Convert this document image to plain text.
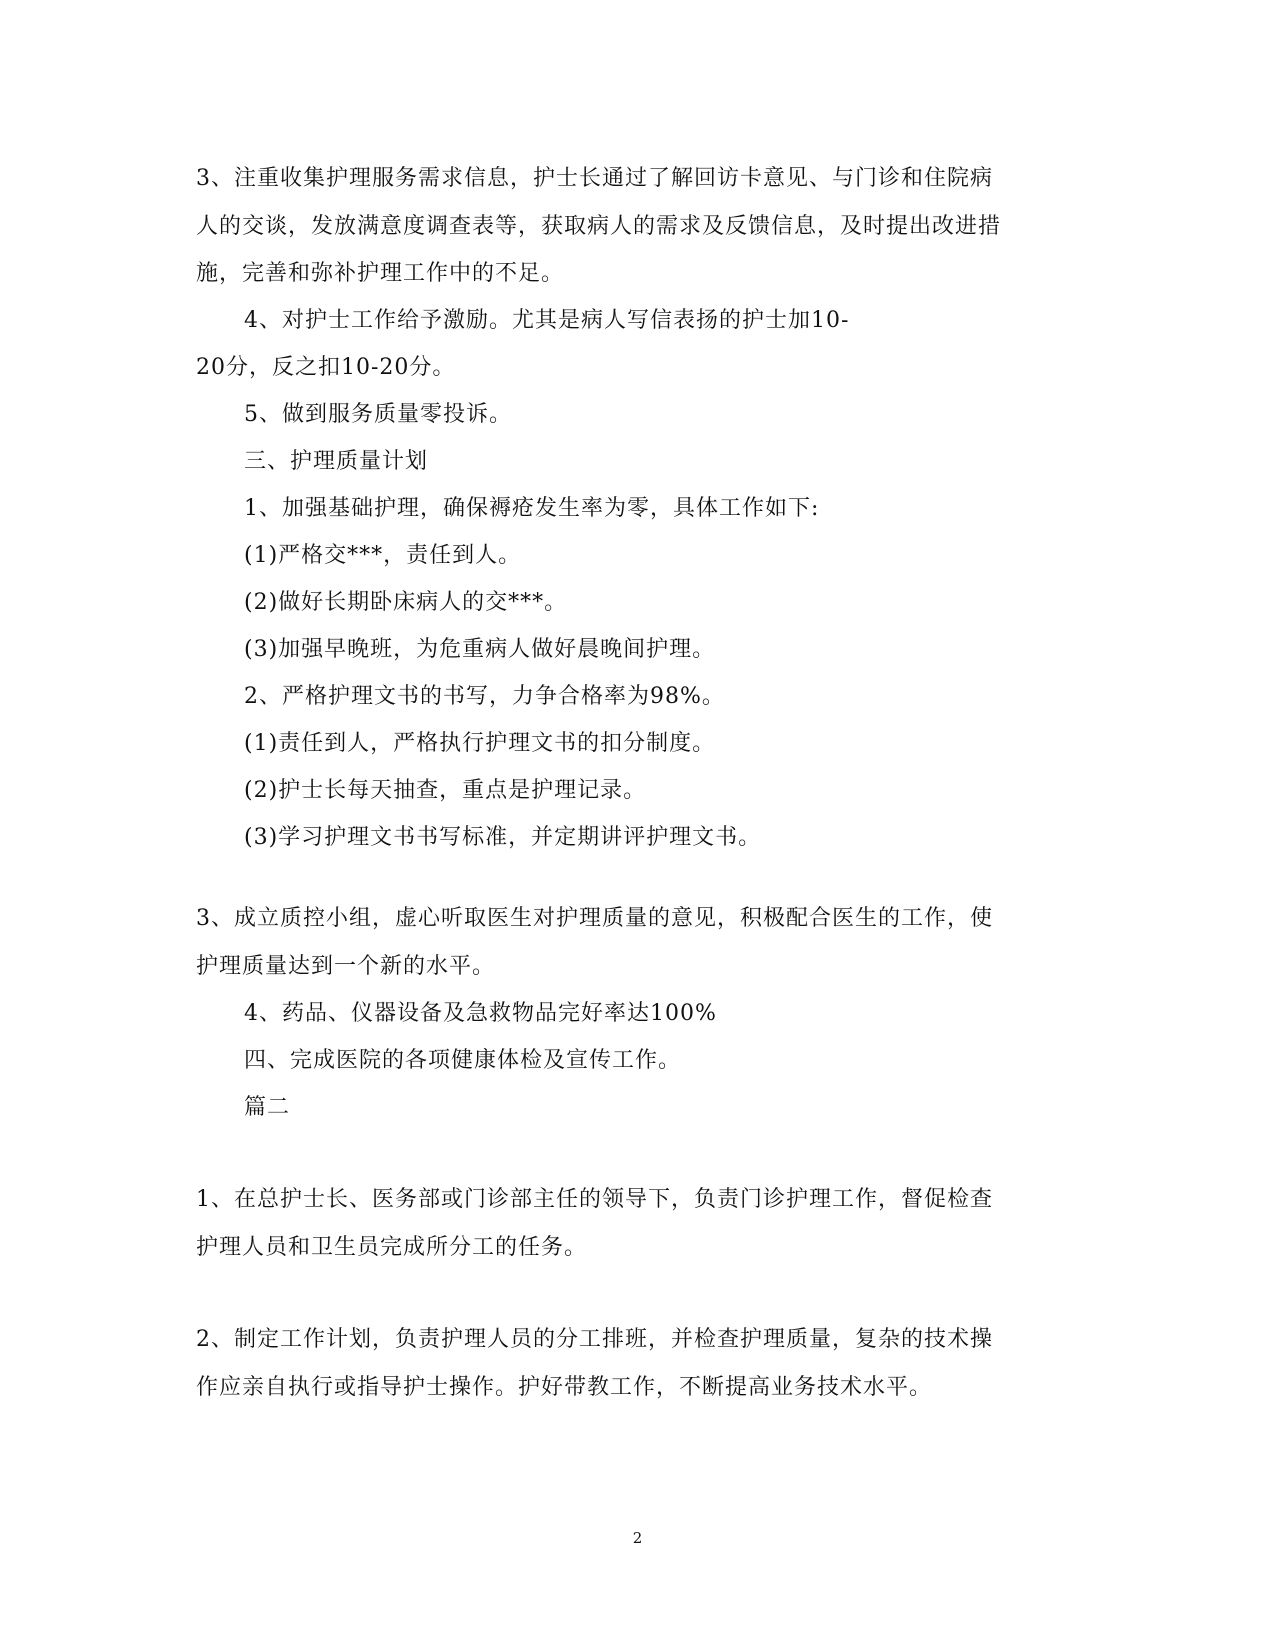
3、注重收集护理服务需求信息，护士长通过了解回访卡意见、与门诊和住院病
人的交谈，发放满意度调查表等，获取病人的需求及反馈信息，及时提出改进措
施，完善和弥补护理工作中的不足。
4、对护士工作给予激励。尤其是病人写信表扬的护士加10-
20分，反之扣10-20分。
5、做到服务质量零投诉。
三、护理质量计划
1、加强基础护理，确保褥疮发生率为零，具体工作如下:
(1)严格交***，责任到人。
(2)做好长期卧床病人的交***。
(3)加强早晚班，为危重病人做好晨晚间护理。
2、严格护理文书的书写，力争合格率为98%。
(1)责任到人，严格执行护理文书的扣分制度。
(2)护士长每天抽查，重点是护理记录。
(3)学习护理文书书写标准，并定期讲评护理文书。
3、成立质控小组，虚心听取医生对护理质量的意见，积极配合医生的工作，使
护理质量达到一个新的水平。
4、药品、仪器设备及急救物品完好率达100%
四、完成医院的各项健康体检及宣传工作。
篇二
1、在总护士长、医务部或门诊部主任的领导下，负责门诊护理工作，督促检查
护理人员和卫生员完成所分工的任务。
2、制定工作计划，负责护理人员的分工排班，并检查护理质量，复杂的技术操
作应亲自执行或指导护士操作。护好带教工作，不断提高业务技术水平。
2
